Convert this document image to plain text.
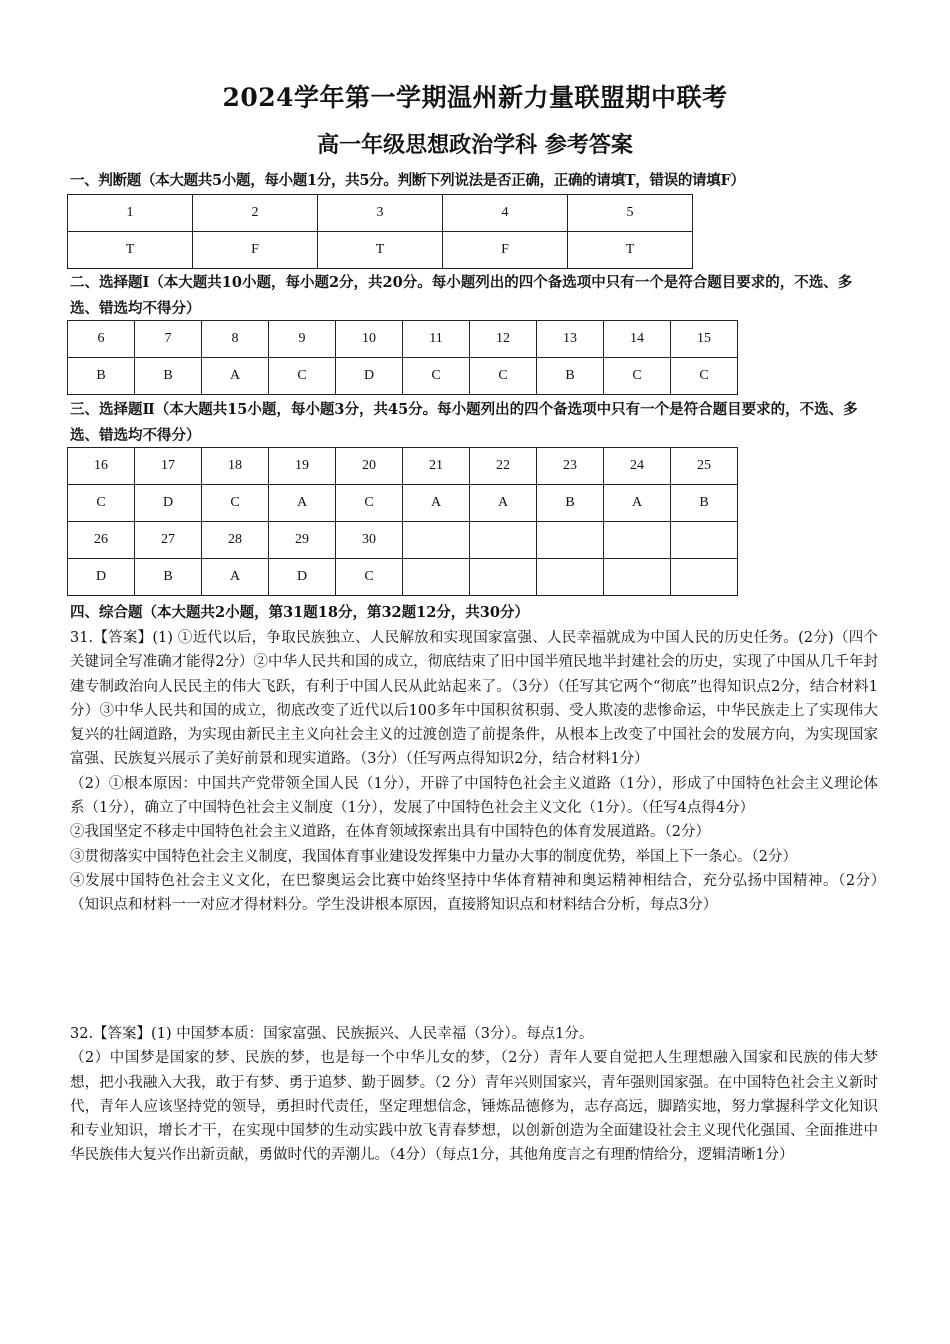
2024学年第一学期温州新力量联盟期中联考
高一年级思想政治学科 参考答案
一、判断题（本大题共5小题，每小题1分，共5分。判断下列说法是否正确，正确的请填T，错误的请填F）
1	2	3	4	5
T	F	T	F	T
二、选择题Ⅰ（本大题共10小题，每小题2分，共20分。每小题列出的四个备选项中只有一个是符合题目要求的，不选、多选、错选均不得分）
6	7	8	9	10	11	12	13	14	15
B	B	A	C	D	C	C	B	C	C
三、选择题Ⅱ（本大题共15小题，每小题3分，共45分。每小题列出的四个备选项中只有一个是符合题目要求的，不选、多选、错选均不得分）
16	17	18	19	20	21	22	23	24	25
C	D	C	A	C	A	A	B	A	B
26	27	28	29	30					
D	B	A	D	C					
四、综合题（本大题共2小题，第31题18分，第32题12分，共30分）

31.【答案】(1) ①近代以后，争取民族独立、人民解放和实现国家富强、人民幸福就成为中国人民的历史任务。(2分)（四个关键词全写准确才能得2分）②中华人民共和国的成立，彻底结束了旧中国半殖民地半封建社会的历史，实现了中国从几千年封建专制政治向人民民主的伟大飞跃，有利于中国人民从此站起来了。（3分）（任写其它两个“彻底”也得知识点2分，结合材料1分）③中华人民共和国的成立，彻底改变了近代以后100多年中国积贫积弱、受人欺凌的悲惨命运，中华民族走上了实现伟大复兴的壮阔道路，为实现由新民主主义向社会主义的过渡创造了前提条件，从根本上改变了中国社会的发展方向，为实现国家富强、民族复兴展示了美好前景和现实道路。（3分）（任写两点得知识2分，结合材料1分）

（2）①根本原因：中国共产党带领全国人民（1分），开辟了中国特色社会主义道路（1分），形成了中国特色社会主义理论体系（1分），确立了中国特色社会主义制度（1分），发展了中国特色社会主义文化（1分）。（任写4点得4分）

②我国坚定不移走中国特色社会主义道路，在体育领域探索出具有中国特色的体育发展道路。（2分）

③贯彻落实中国特色社会主义制度，我国体育事业建设发挥集中力量办大事的制度优势，举国上下一条心。（2分）

④发展中国特色社会主义文化，在巴黎奥运会比赛中始终坚持中华体育精神和奥运精神相结合，充分弘扬中国精神。（2分）　（知识点和材料一一对应才得材料分。学生没讲根本原因，直接將知识点和材料结合分析，每点3分）

32.【答案】(1) 中国梦本质：国家富强、民族振兴、人民幸福（3分）。每点1分。

（2）中国梦是国家的梦、民族的梦，也是每一个中华儿女的梦，（2分）青年人要自觉把人生理想融入国家和民族的伟大梦想，把小我融入大我，敢于有梦、勇于追梦、勤于圆梦。（2 分）青年兴则国家兴，青年强则国家强。在中国特色社会主义新时代，青年人应该坚持党的领导，勇担时代责任，坚定理想信念，锤炼品德修为，志存高远，脚踏实地，努力掌握科学文化知识和专业知识，增长才干，在实现中国梦的生动实践中放飞青春梦想，以创新创造为全面建设社会主义现代化强国、全面推进中华民族伟大复兴作出新贡献，勇做时代的弄潮儿。（4分）（每点1分，其他角度言之有理酌情给分，逻辑清晰1分）
